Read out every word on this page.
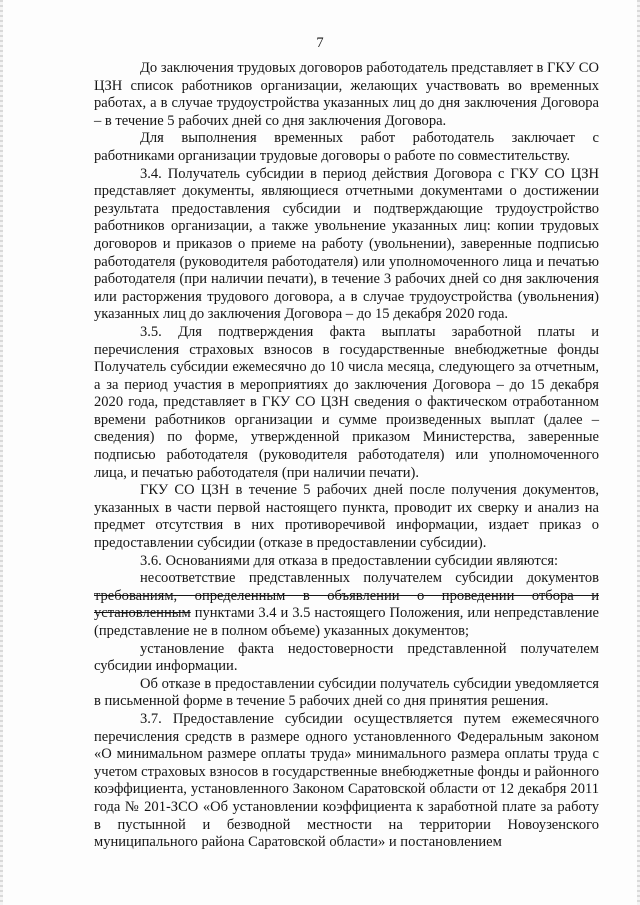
7

До заключения трудовых договоров работодатель представляет в ГКУ СО ЦЗН список работников организации, желающих участвовать во временных работах, а в случае трудоустройства указанных лиц до дня заключения Договора – в течение 5 рабочих дней со дня заключения Договора.

Для выполнения временных работ работодатель заключает с работниками организации трудовые договоры о работе по совместительству.

3.4. Получатель субсидии в период действия Договора с ГКУ СО ЦЗН представляет документы, являющиеся отчетными документами о достижении результата предоставления субсидии и подтверждающие трудоустройство работников организации, а также увольнение указанных лиц: копии трудовых договоров и приказов о приеме на работу (увольнении), заверенные подписью работодателя (руководителя работодателя) или уполномоченного лица и печатью работодателя (при наличии печати), в течение 3 рабочих дней со дня заключения или расторжения трудового договора, а в случае трудоустройства (увольнения) указанных лиц до заключения Договора – до 15 декабря 2020 года.

3.5. Для подтверждения факта выплаты заработной платы и перечисления страховых взносов в государственные внебюджетные фонды Получатель субсидии ежемесячно до 10 числа месяца, следующего за отчетным, а за период участия в мероприятиях до заключения Договора – до 15 декабря 2020 года, представляет в ГКУ СО ЦЗН сведения о фактическом отработанном времени работников организации и сумме произведенных выплат (далее – сведения) по форме, утвержденной приказом Министерства, заверенные подписью работодателя (руководителя работодателя) или уполномоченного лица, и печатью работодателя (при наличии печати).

ГКУ СО ЦЗН в течение 5 рабочих дней после получения документов, указанных в части первой настоящего пункта, проводит их сверку и анализ на предмет отсутствия в них противоречивой информации, издает приказ о предоставлении субсидии (отказе в предоставлении субсидии).

3.6. Основаниями для отказа в предоставлении субсидии являются:

несоответствие представленных получателем субсидии документов требованиям, определенным в объявлении о проведении отбора и установленным пунктами 3.4 и 3.5 настоящего Положения, или непредставление (представление не в полном объеме) указанных документов;

установление факта недостоверности представленной получателем субсидии информации.

Об отказе в предоставлении субсидии получатель субсидии уведомляется в письменной форме в течение 5 рабочих дней со дня принятия решения.

3.7. Предоставление субсидии осуществляется путем ежемесячного перечисления средств в размере одного установленного Федеральным законом «О минимальном размере оплаты труда» минимального размера оплаты труда с учетом страховых взносов в государственные внебюджетные фонды и районного коэффициента, установленного Законом Саратовской области от 12 декабря 2011 года № 201-ЗСО «Об установлении коэффициента к заработной плате за работу в пустынной и безводной местности на территории Новоузенского муниципального района Саратовской области» и постановлением
